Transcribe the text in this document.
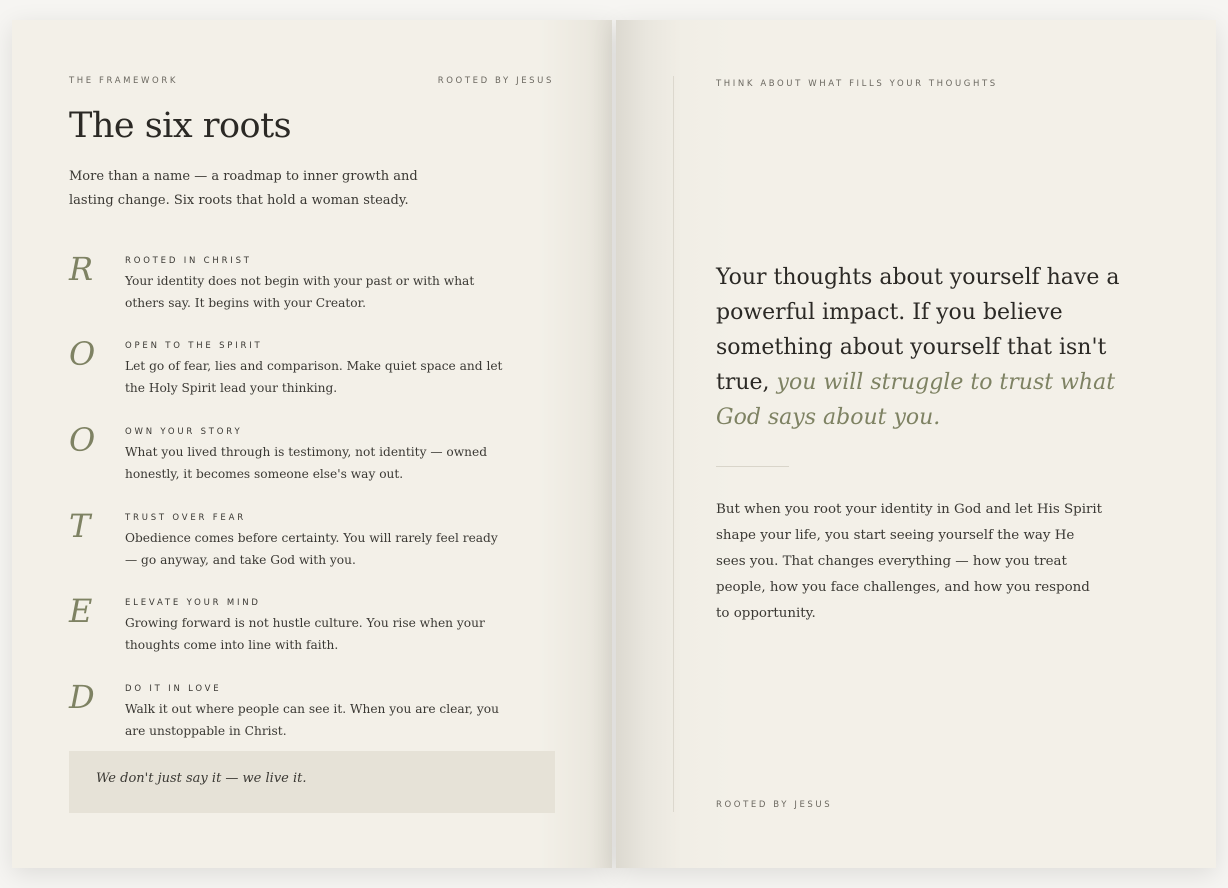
THE FRAMEWORK	ROOTED BY JESUS
The six roots

More than a name — a roadmap to inner growth and lasting change. Six roots that hold a woman steady.

R	ROOTED IN CHRIST

Your identity does not begin with your past or with what others say. It begins with your Creator.

O	OPEN TO THE SPIRIT

Let go of fear, lies and comparison. Make quiet space and let the Holy Spirit lead your thinking.

O	OWN YOUR STORY

What you lived through is testimony, not identity — owned honestly, it becomes someone else's way out.

T	TRUST OVER FEAR

Obedience comes before certainty. You will rarely feel ready — go anyway, and take God with you.

E	ELEVATE YOUR MIND

Growing forward is not hustle culture. You rise when your thoughts come into line with faith.

D	DO IT IN LOVE

Walk it out where people can see it. When you are clear, you are unstoppable in Christ.

We don't just say it — we live it.
THINK ABOUT WHAT FILLS YOUR THOUGHTS

Your thoughts about yourself have a powerful impact. If you believe something about yourself that isn't true, you will struggle to trust what God says about you.

But when you root your identity in God and let His Spirit shape your life, you start seeing yourself the way He sees you. That changes everything — how you treat people, how you face challenges, and how you respond to opportunity.

ROOTED BY JESUS
